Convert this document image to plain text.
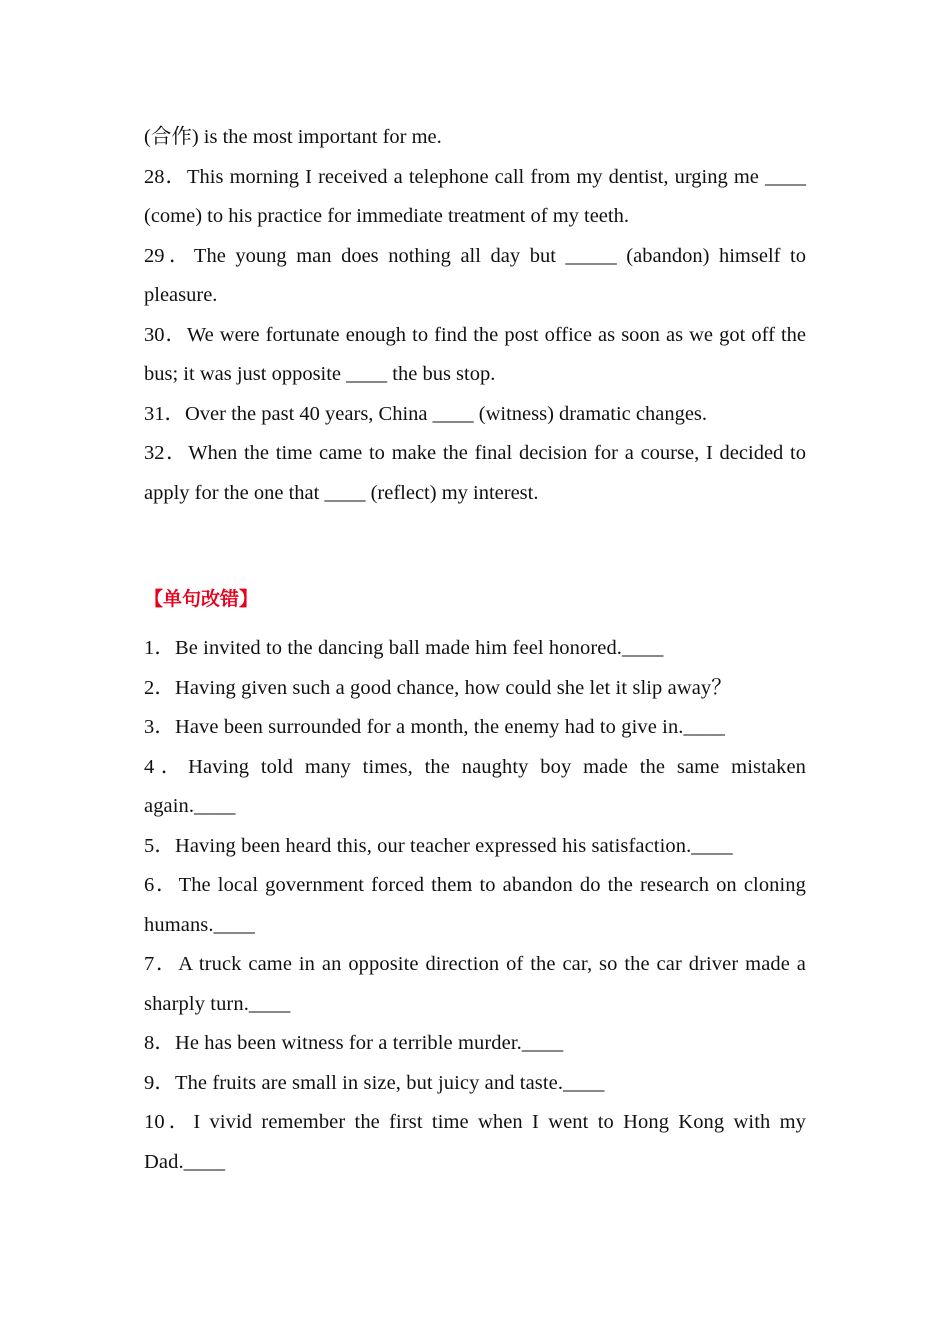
(合作) is the most important for me.

28．This morning I received a telephone call from my dentist, urging me ____ (come) to his practice for immediate treatment of my teeth.

29．The young man does nothing all day but _____ (abandon) himself to pleasure.

30．We were fortunate enough to find the post office as soon as we got off the bus; it was just opposite ____ the bus stop.

31．Over the past 40 years, China ____ (witness) dramatic changes.

32．When the time came to make the final decision for a course, I decided to apply for the one that ____ (reflect) my interest.

【单句改错】

1．Be invited to the dancing ball made him feel honored.____

2．Having given such a good chance, how could she let it slip away？

3．Have been surrounded for a month, the enemy had to give in.____

4．Having told many times, the naughty boy made the same mistaken again.____

5．Having been heard this, our teacher expressed his satisfaction.____

6．The local government forced them to abandon do the research on cloning humans.____

7．A truck came in an opposite direction of the car, so the car driver made a sharply turn.____

8．He has been witness for a terrible murder.____

9．The fruits are small in size, but juicy and taste.____

10．I vivid remember the first time when I went to Hong Kong with my Dad.____
